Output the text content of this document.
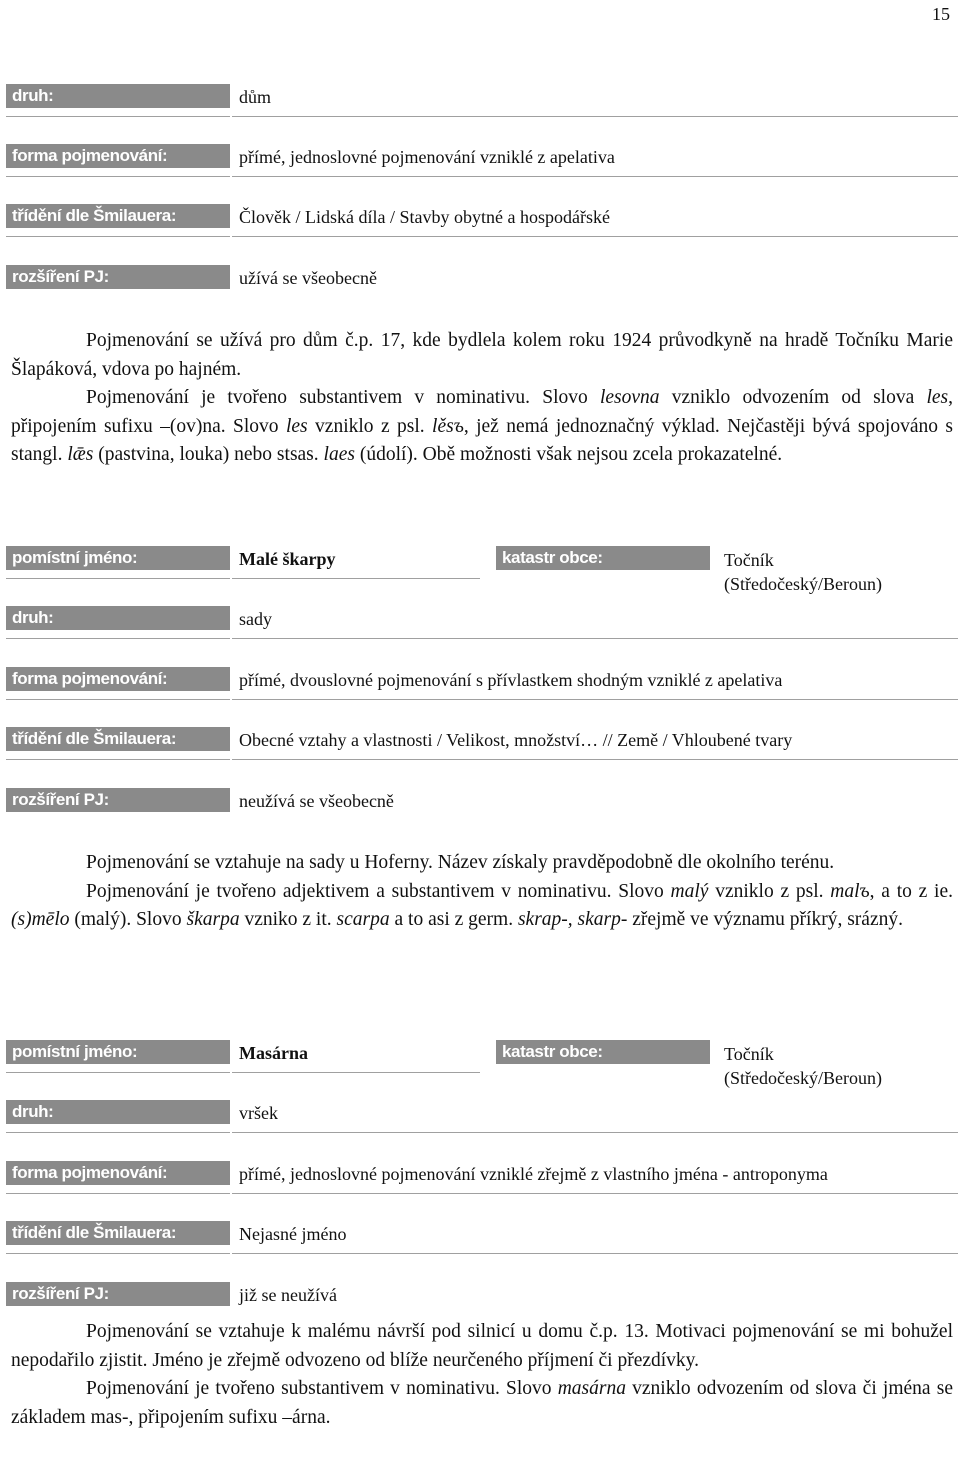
15
druh:	dům
forma pojmenování:	přímé, jednoslovné pojmenování vzniklé z apelativa
třídění dle Šmilauera:	Člověk / Lidská díla / Stavby obytné a hospodářské
rozšíření PJ:	užívá se všeobecně

Pojmenování se užívá pro dům č.p. 17, kde bydlela kolem roku 1924 průvodkyně na hradě Točníku Marie Šlapáková, vdova po hajném.

Pojmenování je tvořeno substantivem v nominativu. Slovo lesovna vzniklo odvozením od slova les, připojením sufixu –(ov)na. Slovo les vzniklo z psl. lěsъ, jež nemá jednoznačný výklad. Nejčastěji bývá spojováno s stangl. lǣs (pastvina, louka) nebo stsas. laes (údolí). Obě možnosti však nejsou zcela prokazatelné.

pomístní jméno:	Malé škarpy	katastr obce:	Točník
(Středočeský/Beroun)
druh:	sady
forma pojmenování:	přímé, dvouslovné pojmenování s přívlastkem shodným vzniklé z apelativa
třídění dle Šmilauera:	Obecné vztahy a vlastnosti / Velikost, množství… // Země / Vhloubené tvary
rozšíření PJ:	neužívá se všeobecně

Pojmenování se vztahuje na sady u Hoferny. Název získaly pravděpodobně dle okolního terénu.

Pojmenování je tvořeno adjektivem a substantivem v nominativu. Slovo malý vzniklo z psl. malъ, a to z ie. (s)mēlo (malý). Slovo škarpa vzniko z it. scarpa a to asi z germ. skrap-, skarp- zřejmě ve významu příkrý, srázný.

pomístní jméno:	Masárna	katastr obce:	Točník
(Středočeský/Beroun)
druh:	vršek
forma pojmenování:	přímé, jednoslovné pojmenování vzniklé zřejmě z vlastního jména - antroponyma
třídění dle Šmilauera:	Nejasné jméno
rozšíření PJ:	již se neužívá

Pojmenování se vztahuje k malému návrší pod silnicí u domu č.p. 13. Motivaci pojmenování se mi bohužel nepodařilo zjistit. Jméno je zřejmě odvozeno od blíže neurčeného příjmení či přezdívky.

Pojmenování je tvořeno substantivem v nominativu. Slovo masárna vzniklo odvozením od slova či jména se základem mas-, připojením sufixu –árna.
